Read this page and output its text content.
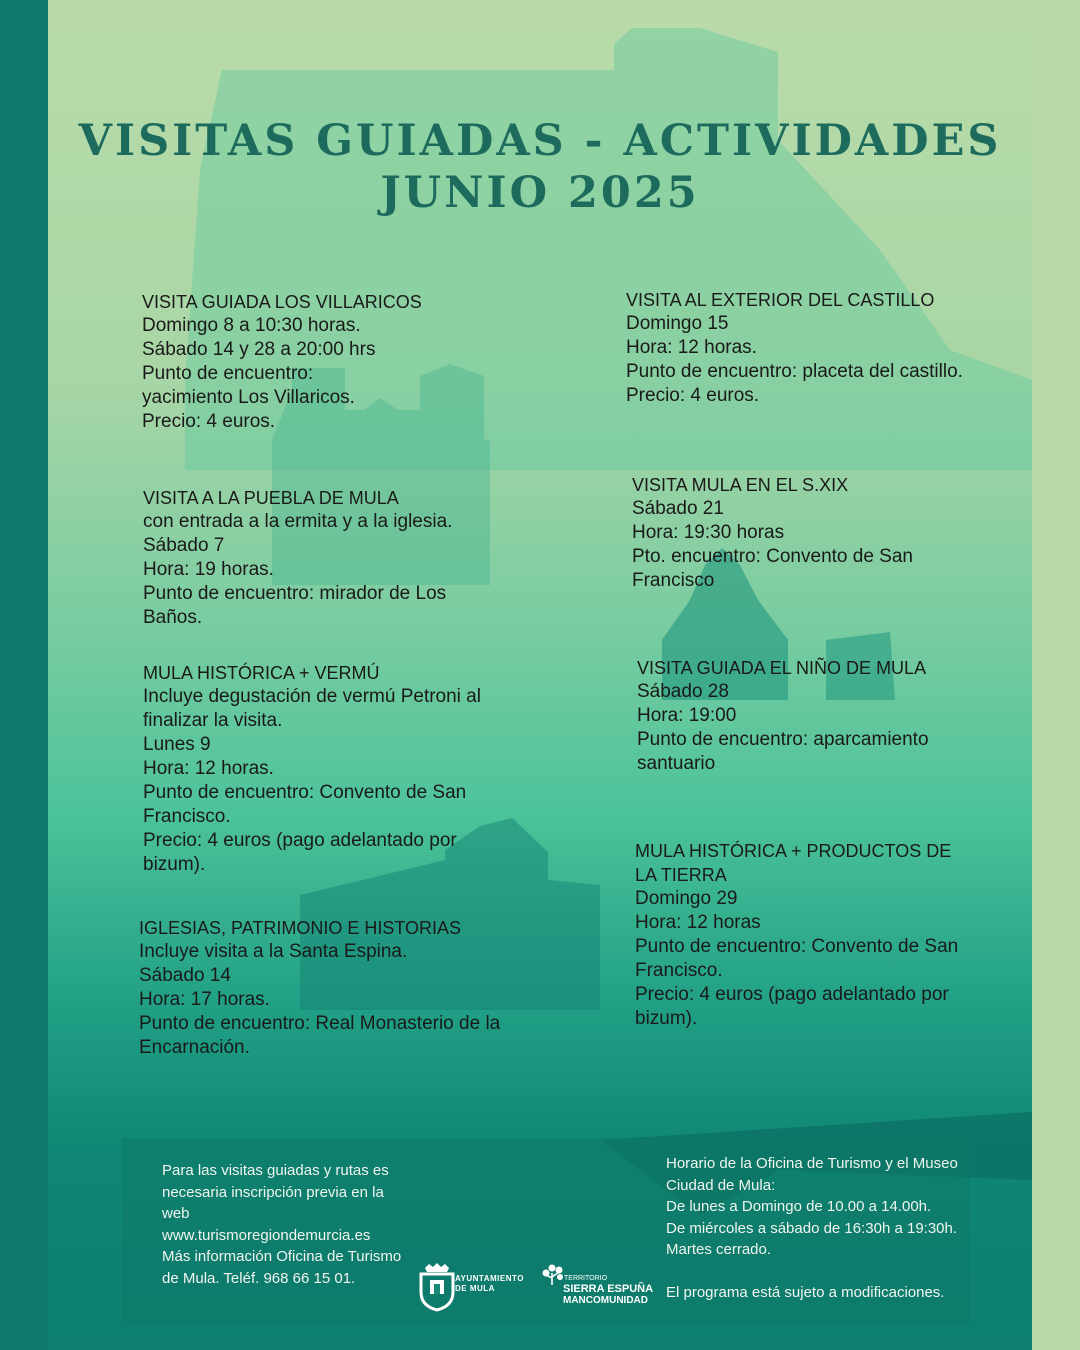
VISITAS GUIADAS - ACTIVIDADES
JUNIO 2025
VISITA GUIADA LOS VILLARICOS
Domingo 8 a 10:30 horas.
Sábado 14 y 28 a 20:00 hrs
Punto de encuentro:
yacimiento Los Villaricos.
Precio: 4 euros.
VISITA AL EXTERIOR DEL CASTILLO
Domingo 15
Hora: 12 horas.
Punto de encuentro: placeta del castillo.
Precio: 4 euros.
VISITA A LA PUEBLA DE MULA
con entrada a la ermita y a la iglesia.
Sábado 7
Hora: 19 horas.
Punto de encuentro: mirador de Los
Baños.
VISITA MULA EN EL S.XIX
Sábado 21
Hora: 19:30 horas
Pto. encuentro: Convento de San
Francisco
MULA HISTÓRICA + VERMÚ
Incluye degustación de vermú Petroni al
finalizar la visita.
Lunes 9
Hora: 12 horas.
Punto de encuentro: Convento de San
Francisco.
Precio: 4 euros (pago adelantado por
bizum).
VISITA GUIADA EL NIÑO DE MULA
Sábado 28
Hora: 19:00
Punto de encuentro: aparcamiento
santuario
IGLESIAS, PATRIMONIO E HISTORIAS
Incluye visita a la Santa Espina.
Sábado 14
Hora: 17 horas.
Punto de encuentro: Real Monasterio de la
Encarnación.
MULA HISTÓRICA + PRODUCTOS DE
LA TIERRA
Domingo 29
Hora: 12 horas
Punto de encuentro: Convento de San
Francisco.
Precio: 4 euros (pago adelantado por
bizum).
Para las visitas guiadas y rutas es
necesaria inscripción previa en la
web
www.turismoregiondemurcia.es
Más información Oficina de Turismo
de Mula. Teléf. 968 66 15 01.
Horario de la Oficina de Turismo y el Museo
Ciudad de Mula:
De lunes a Domingo de 10.00 a 14.00h.
De miércoles a sábado de 16:30h a 19:30h.
Martes cerrado.
El programa está sujeto a modificaciones.
AYUNTAMIENTO
DE MULA
TERRITORIO
SIERRA ESPUÑA
MANCOMUNIDAD
